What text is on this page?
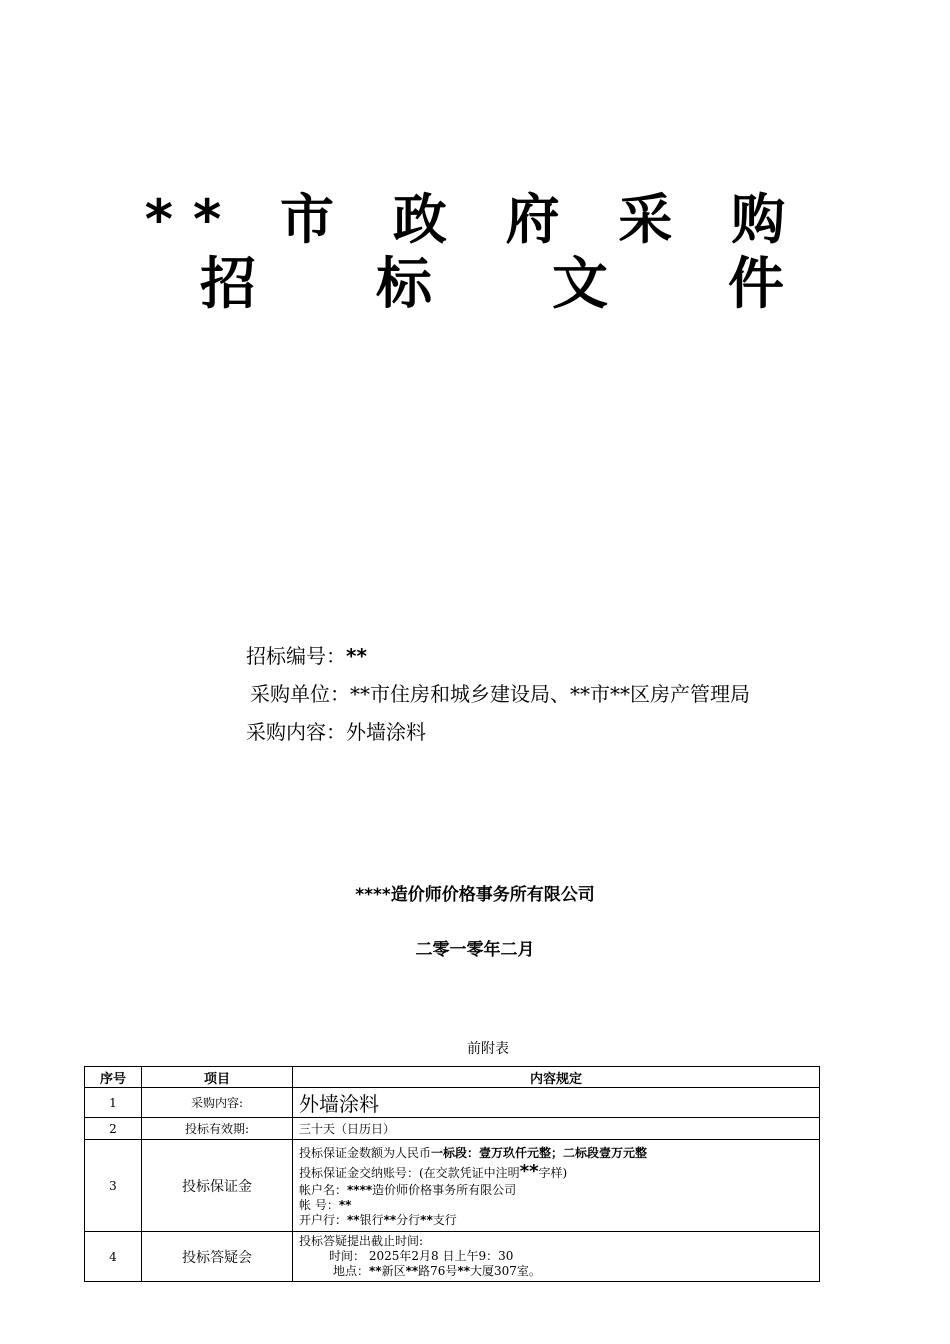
** 市 政 府 采 购
招 标 文 件
招标编号：**
采购单位：**市住房和城乡建设局、**市**区房产管理局
采购内容：外墙涂料
****造价师价格事务所有限公司
二零一零年二月
前附表
序号	项目	内容规定
1	采购内容:	外墙涂料
2	投标有效期:	三十天（日历日）
3	投标保证金	投标保证金数额为人民币一标段：壹万玖仟元整；二标段壹万元整
投标保证金交纳账号：(在交款凭证中注明**字样)
帐户名：****造价师价格事务所有限公司
帐 号：**
开户行：**银行**分行**支行

4	投标答疑会	投标答疑提出截止时间:
时间： 2025年2月8 日上午9：30
地点：**新区**路76号**大厦307室。
